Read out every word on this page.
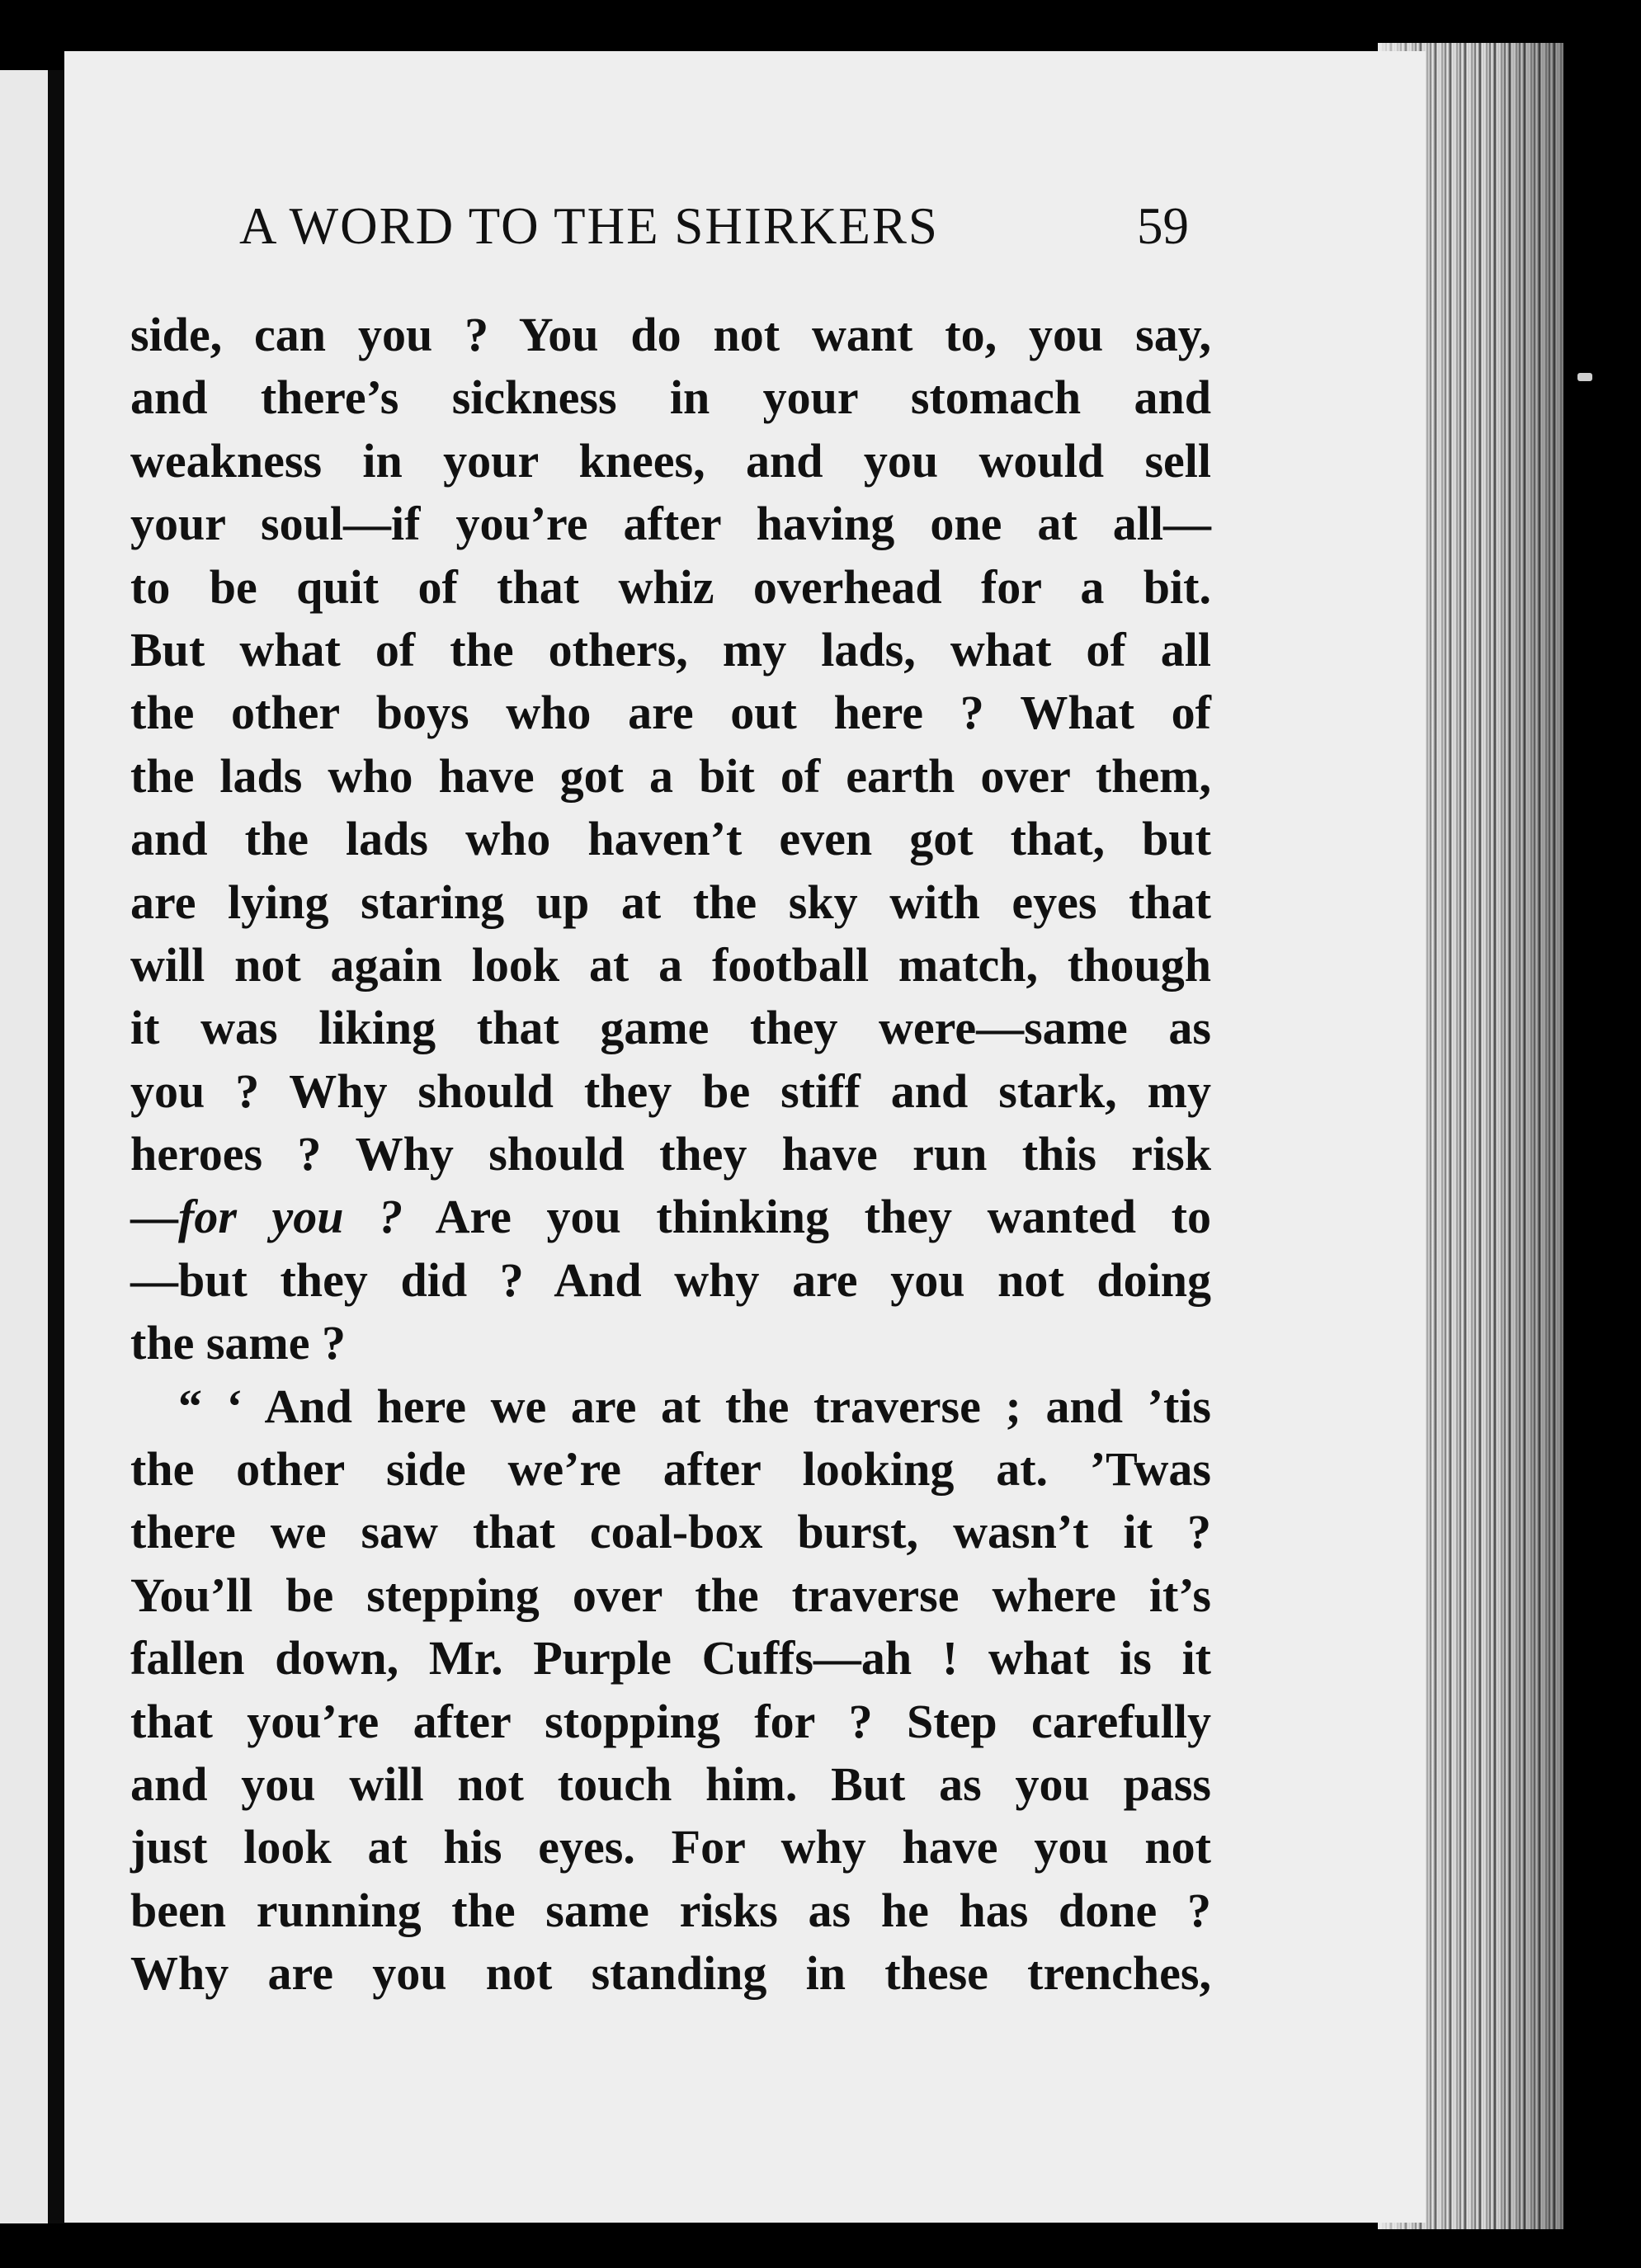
A WORD TO THE SHIRKERS	59
side, can you ? You do not want to, you say,
and there’s sickness in your stomach and
weakness in your knees, and you would sell
your soul—if you’re after having one at all—
to be quit of that whiz overhead for a bit.
But what of the others, my lads, what of all
the other boys who are out here ? What of
the lads who have got a bit of earth over them,
and the lads who haven’t even got that, but
are lying staring up at the sky with eyes that
will not again look at a football match, though
it was liking that game they were—same as
you ? Why should they be stiff and stark, my
heroes ? Why should they have run this risk
—for you ? Are you thinking they wanted to
—but they did ? And why are you not doing
the same ?
“ ‘ And here we are at the traverse ; and ’tis
the other side we’re after looking at. ’Twas
there we saw that coal-box burst, wasn’t it ?
You’ll be stepping over the traverse where it’s
fallen down, Mr. Purple Cuffs—ah ! what is it
that you’re after stopping for ? Step carefully
and you will not touch him. But as you pass
just look at his eyes. For why have you not
been running the same risks as he has done ?
Why are you not standing in these trenches,
